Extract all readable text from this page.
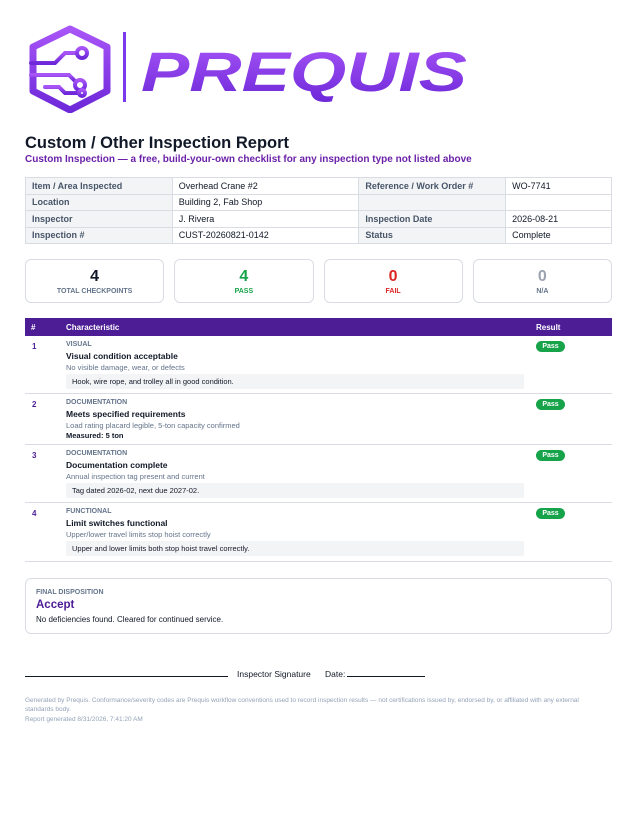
PREQUIS
Custom / Other Inspection Report
Custom Inspection — a free, build-your-own checklist for any inspection type not listed above
Item / Area Inspected	Overhead Crane #2	Reference / Work Order #	WO-7741
Location	Building 2, Fab Shop		
Inspector	J. Rivera	Inspection Date	2026-08-21
Inspection #	CUST-20260821-0142	Status	Complete
4
TOTAL CHECKPOINTS
4
PASS
0
FAIL
0
N/A
#	Characteristic	Result
1	VISUAL
Visual condition acceptable
No visible damage, wear, or defects
Hook, wire rope, and trolley all in good condition.
Pass
2	DOCUMENTATION
Meets specified requirements
Load rating placard legible, 5-ton capacity confirmed
Measured: 5 ton
Pass
3	DOCUMENTATION
Documentation complete
Annual inspection tag present and current
Tag dated 2026-02, next due 2027-02.
Pass
4	FUNCTIONAL
Limit switches functional
Upper/lower travel limits stop hoist correctly
Upper and lower limits both stop hoist travel correctly.
Pass
FINAL DISPOSITION
Accept
No deficiencies found. Cleared for continued service.
Inspector Signature Date:
Generated by Prequis. Conformance/severity codes are Prequis workflow conventions used to record inspection results — not certifications issued by, endorsed by, or affiliated with any external standards body.
Report generated 8/31/2026, 7:41:20 AM
